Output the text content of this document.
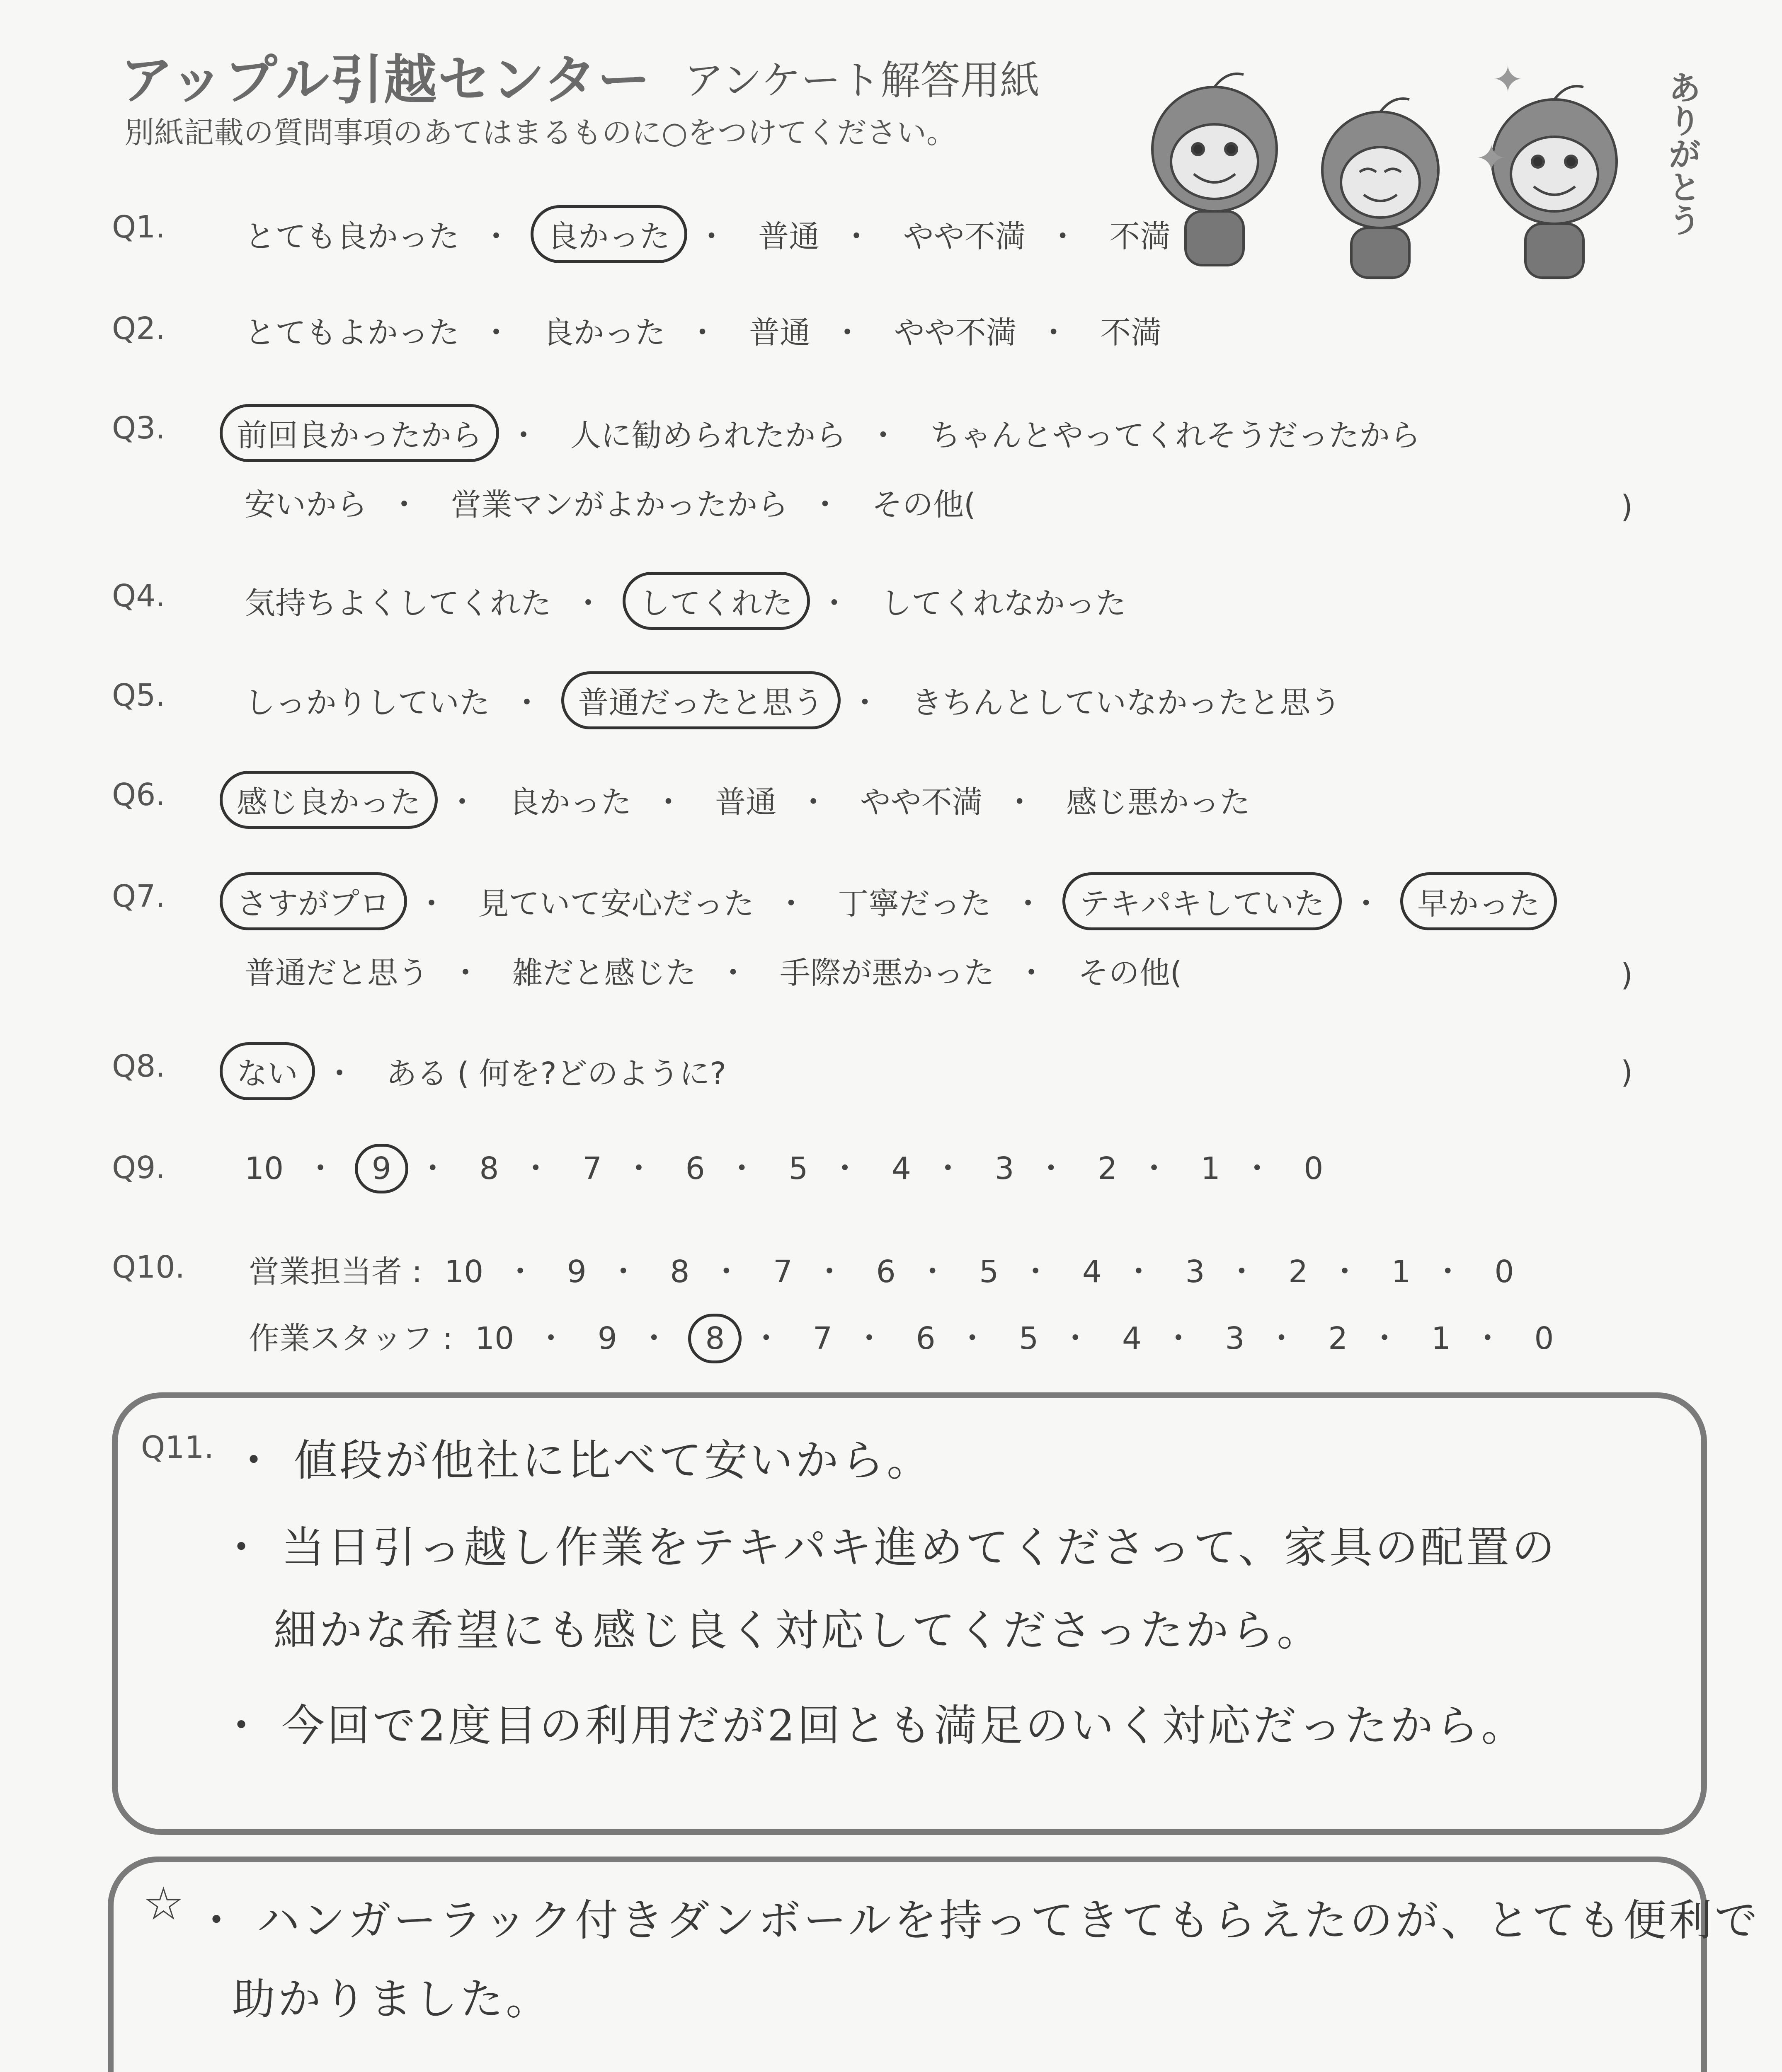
アップル引越センター アンケート解答用紙
別紙記載の質問事項のあてはまるものに○をつけてください。
✦
✦	ありがとう
Q1.	とても良かった ・ 良かった ・ 普通 ・ やや不満 ・ 不満
Q2.	とてもよかった ・ 良かった ・ 普通 ・ やや不満 ・ 不満
Q3.	前回良かったから ・ 人に勧められたから ・ ちゃんとやってくれそうだったから
安いから ・ 営業マンがよかったから ・ その他(	)
Q4.	気持ちよくしてくれた ・ してくれた ・ してくれなかった
Q5.	しっかりしていた ・ 普通だったと思う ・ きちんとしていなかったと思う
Q6.	感じ良かった ・ 良かった ・ 普通 ・ やや不満 ・ 感じ悪かった
Q7.	さすがプロ ・ 見ていて安心だった ・ 丁寧だった ・ テキパキしていた ・ 早かった
普通だと思う ・ 雑だと感じた ・ 手際が悪かった ・ その他(	)
Q8.	ない ・ ある ( 何を?どのように?	)
Q9.	10 ・ 9 ・ 8 ・ 7 ・ 6 ・ 5 ・ 4 ・ 3 ・ 2 ・ 1 ・ 0
Q10. 営業担当者 : 10 ・ 9 ・ 8 ・ 7 ・ 6 ・ 5 ・ 4 ・ 3 ・ 2 ・ 1 ・ 0
作業スタッフ : 10 ・ 9 ・ 8 ・ 7 ・ 6 ・ 5 ・ 4 ・ 3 ・ 2 ・ 1 ・ 0
Q11. ・ 値段が他社に比べて安いから。
・ 当日引っ越し作業をテキパキ進めてくださって、家具の配置の
細かな希望にも感じ良く対応してくださったから。
・ 今回で2度目の利用だが2回とも満足のいく対応だったから。
☆ ・ ハンガーラック付きダンボールを持ってきてもらえたのが、とても便利で
助かりました。
